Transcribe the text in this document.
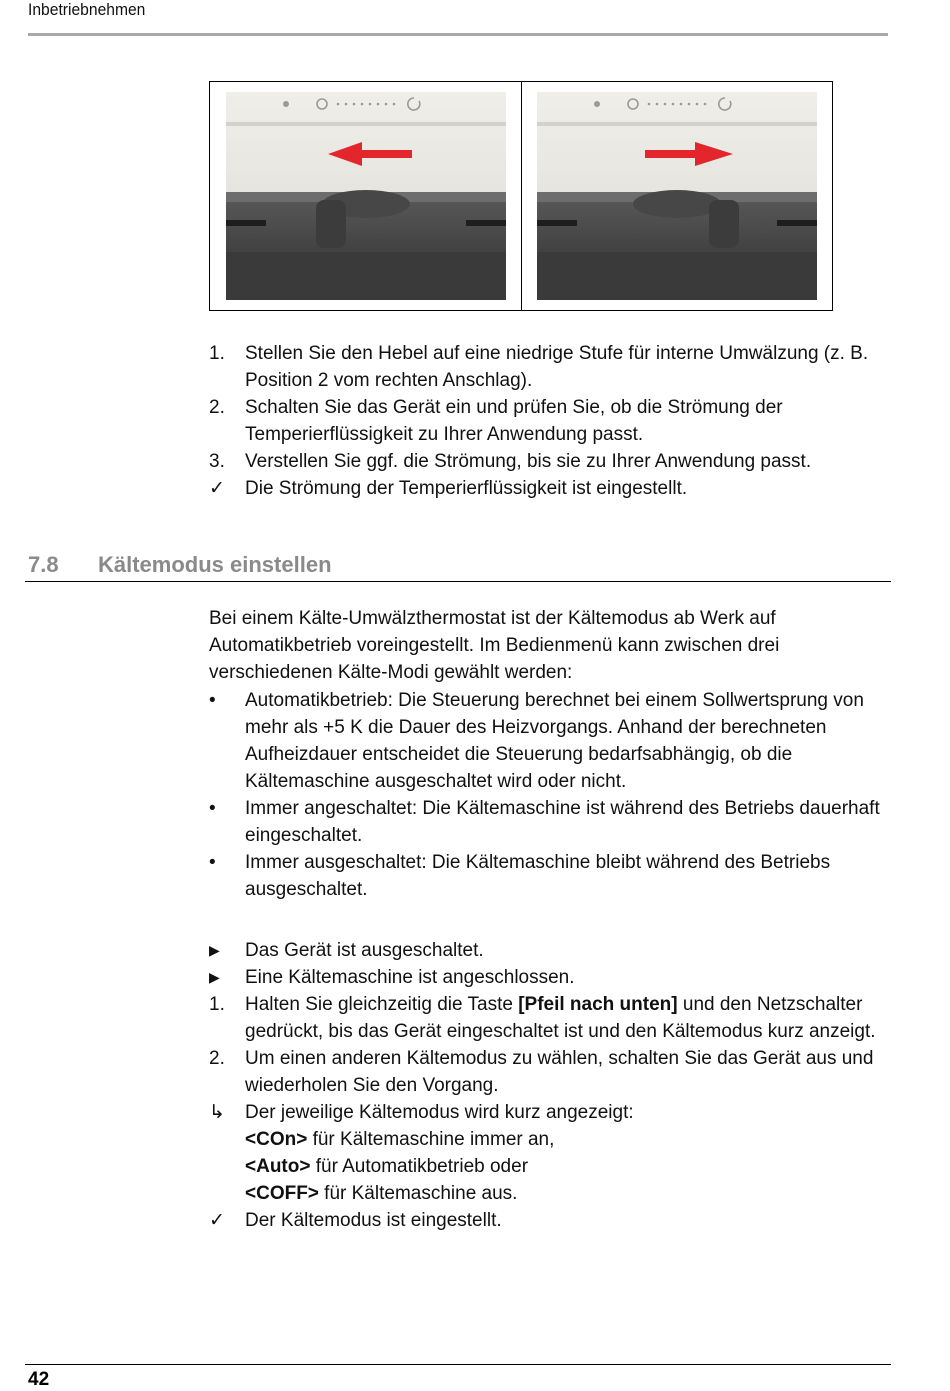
Inbetriebnehmen
1.	Stellen Sie den Hebel auf eine niedrige Stufe für interne Umwälzung (z. B. Position 2 vom rechten Anschlag).
2.	Schalten Sie das Gerät ein und prüfen Sie, ob die Strömung der Temperierflüssigkeit zu Ihrer Anwendung passt.
3.	Verstellen Sie ggf. die Strömung, bis sie zu Ihrer Anwendung passt.
✓	Die Strömung der Temperierflüssigkeit ist eingestellt.
7.8 Kältemodus einstellen

Bei einem Kälte-Umwälzthermostat ist der Kältemodus ab Werk auf Automatikbetrieb voreingestellt. Im Bedienmenü kann zwischen drei verschiedenen Kälte-Modi gewählt werden:

•	Automatikbetrieb: Die Steuerung berechnet bei einem Sollwertsprung von mehr als +5 K die Dauer des Heizvorgangs. Anhand der berechneten Aufheizdauer entscheidet die Steuerung bedarfsabhängig, ob die Kältemaschine ausgeschaltet wird oder nicht.
•	Immer angeschaltet: Die Kältemaschine ist während des Betriebs dauerhaft eingeschaltet.
•	Immer ausgeschaltet: Die Kältemaschine bleibt während des Betriebs ausgeschaltet.
▶	Das Gerät ist ausgeschaltet.
▶	Eine Kältemaschine ist angeschlossen.
1.	Halten Sie gleichzeitig die Taste [Pfeil nach unten] und den Netzschalter gedrückt, bis das Gerät eingeschaltet ist und den Kältemodus kurz anzeigt.
2.	Um einen anderen Kältemodus zu wählen, schalten Sie das Gerät aus und wiederholen Sie den Vorgang.
↳	Der jeweilige Kältemodus wird kurz angezeigt:
<COn> für Kältemaschine immer an,
<Auto> für Automatikbetrieb oder
<COFF> für Kältemaschine aus.
✓	Der Kältemodus ist eingestellt.
42
